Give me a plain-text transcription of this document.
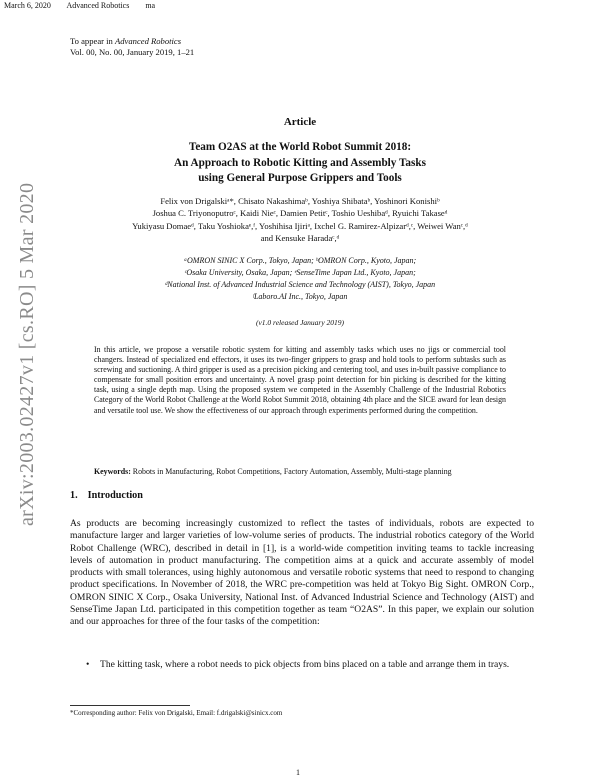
March 6, 2020 Advanced Robotics ma
To appear in Advanced Robotics
Vol. 00, No. 00, January 2019, 1–21
arXiv:2003.02427v1 [cs.RO] 5 Mar 2020
Article
Team O2AS at the World Robot Summit 2018:
An Approach to Robotic Kitting and Assembly Tasks
using General Purpose Grippers and Tools
Felix von Drigalskiᵃ*, Chisato Nakashimaᵇ, Yoshiya Shibataᵇ, Yoshinori Konishiᵇ
Joshua C. Triyonoputroᶜ, Kaidi Nieᶜ, Damien Petitᶜ, Toshio Ueshibaᵈ, Ryuichi Takaseᵈ
Yukiyasu Domaeᵈ, Taku Yoshiokaᵉ,ᶠ, Yoshihisa Ijiriᵃ, Ixchel G. Ramirez-Alpizarᵈ,ᶜ, Weiwei Wanᶜ,ᵈ
and Kensuke Haradaᶜ,ᵈ
ᵃOMRON SINIC X Corp., Tokyo, Japan; ᵇOMRON Corp., Kyoto, Japan;
ᶜOsaka University, Osaka, Japan; ᵉSenseTime Japan Ltd., Kyoto, Japan;
ᵈNational Inst. of Advanced Industrial Science and Technology (AIST), Tokyo, Japan
ᶠLaboro.AI Inc., Tokyo, Japan
(v1.0 released January 2019)
In this article, we propose a versatile robotic system for kitting and assembly tasks which uses no jigs or commercial tool changers. Instead of specialized end effectors, it uses its two-finger grippers to grasp and hold tools to perform subtasks such as screwing and suctioning. A third gripper is used as a precision picking and centering tool, and uses in-built passive compliance to compensate for small position errors and uncertainty. A novel grasp point detection for bin picking is described for the kitting task, using a single depth map. Using the proposed system we competed in the Assembly Challenge of the Industrial Robotics Category of the World Robot Challenge at the World Robot Summit 2018, obtaining 4th place and the SICE award for lean design and versatile tool use. We show the effectiveness of our approach through experiments performed during the competition.
Keywords: Robots in Manufacturing, Robot Competitions, Factory Automation, Assembly, Multi-stage planning
1. Introduction
As products are becoming increasingly customized to reflect the tastes of individuals, robots are expected to manufacture larger and larger varieties of low-volume series of products. The industrial robotics category of the World Robot Challenge (WRC), described in detail in [1], is a world-wide competition inviting teams to tackle increasing levels of automation in product manufacturing. The competition aims at a quick and accurate assembly of model products with small tolerances, using highly autonomous and versatile robotic systems that need to respond to changing product specifications. In November of 2018, the WRC pre-competition was held at Tokyo Big Sight. OMRON Corp., OMRON SINIC X Corp., Osaka University, National Inst. of Advanced Industrial Science and Technology (AIST) and SenseTime Japan Ltd. participated in this competition together as team “O2AS”. In this paper, we explain our solution and our approaches for three of the four tasks of the competition:
• The kitting task, where a robot needs to pick objects from bins placed on a table and arrange them in trays.
*Corresponding author: Felix von Drigalski, Email: f.drigalski@sinicx.com
1
